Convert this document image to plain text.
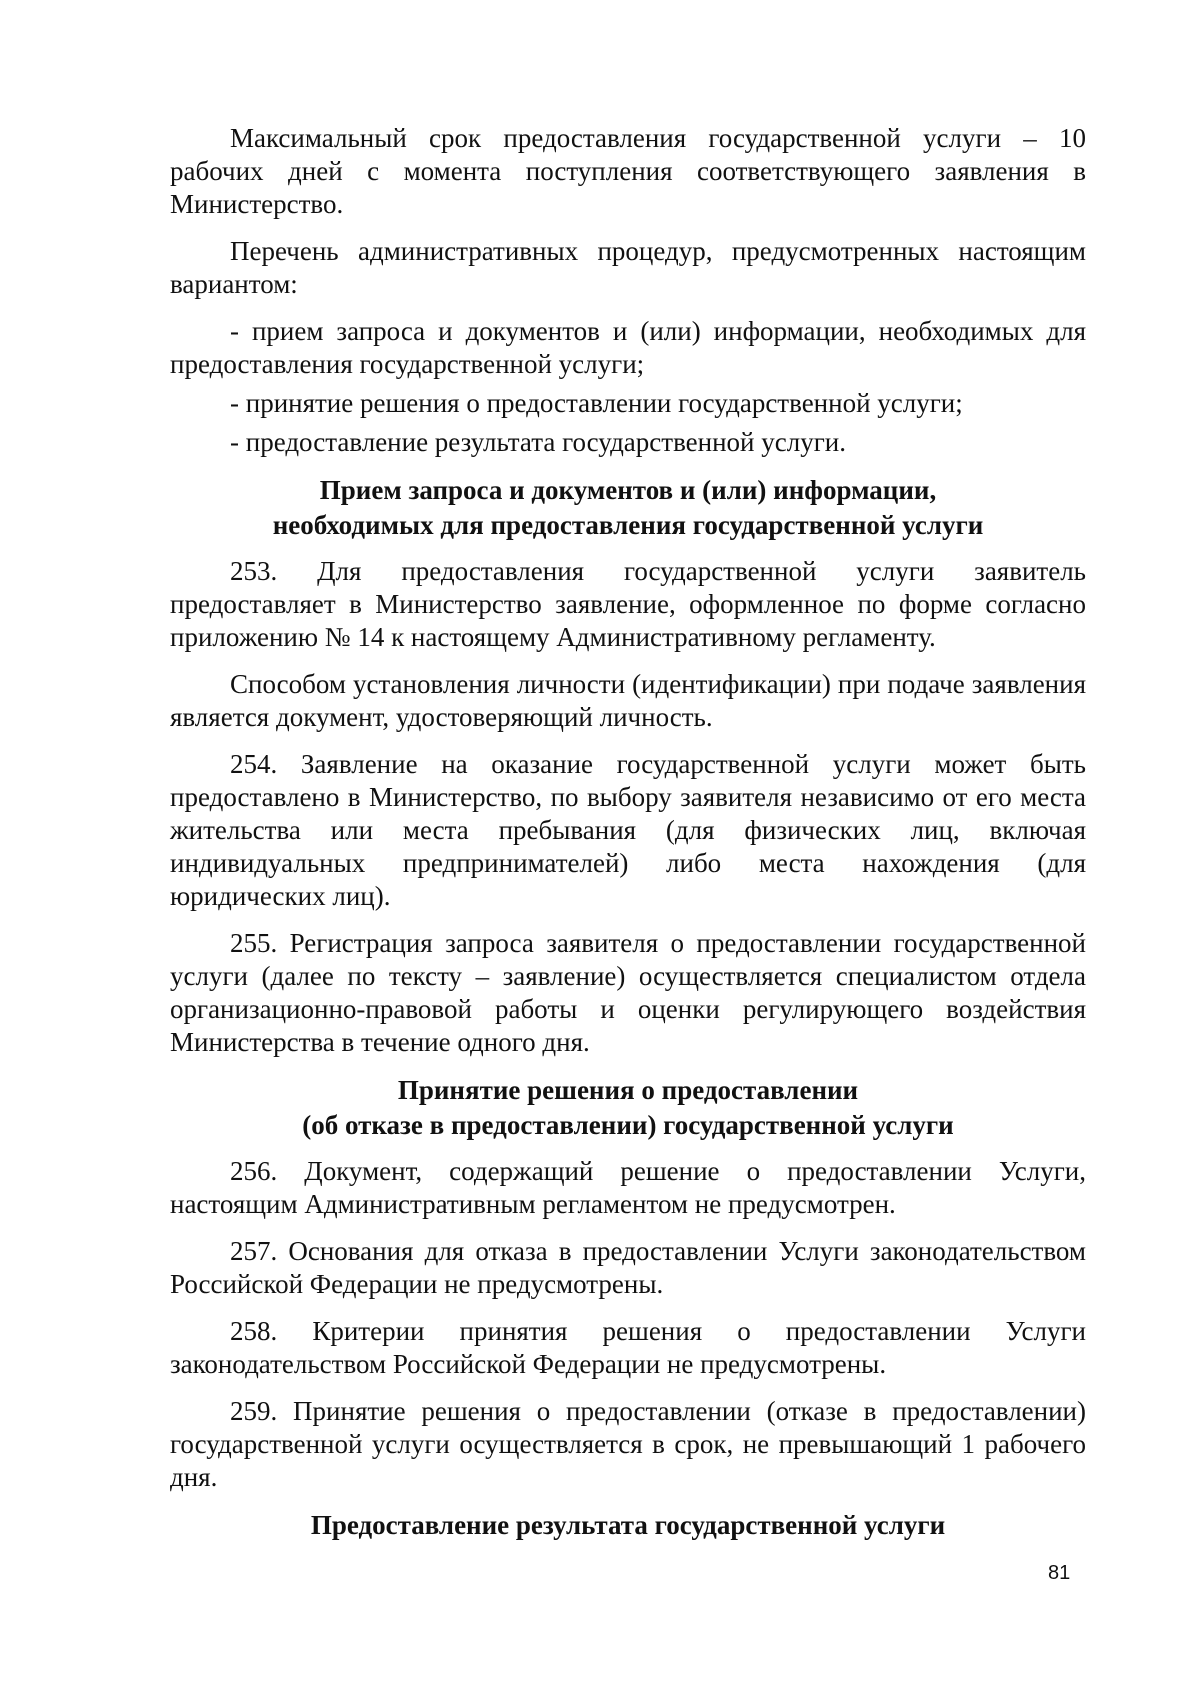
Максимальный срок предоставления государственной услуги – 10 рабочих дней с момента поступления соответствующего заявления в Министерство.

Перечень административных процедур, предусмотренных настоящим вариантом:

- прием запроса и документов и (или) информации, необходимых для предоставления государственной услуги;

- принятие решения о предоставлении государственной услуги;

- предоставление результата государственной услуги.

Прием запроса и документов и (или) информации,
необходимых для предоставления государственной услуги

253. Для предоставления государственной услуги заявитель предоставляет в Министерство заявление, оформленное по форме согласно приложению № 14 к настоящему Административному регламенту.

Способом установления личности (идентификации) при подаче заявления является документ, удостоверяющий личность.

254. Заявление на оказание государственной услуги может быть предоставлено в Министерство, по выбору заявителя независимо от его места жительства или места пребывания (для физических лиц, включая индивидуальных предпринимателей) либо места нахождения (для юридических лиц).

255. Регистрация запроса заявителя о предоставлении государственной услуги (далее по тексту – заявление) осуществляется специалистом отдела организационно-правовой работы и оценки регулирующего воздействия Министерства в течение одного дня.

Принятие решения о предоставлении
(об отказе в предоставлении) государственной услуги

256. Документ, содержащий решение о предоставлении Услуги, настоящим Административным регламентом не предусмотрен.

257. Основания для отказа в предоставлении Услуги законодательством Российской Федерации не предусмотрены.

258. Критерии принятия решения о предоставлении Услуги законодательством Российской Федерации не предусмотрены.

259. Принятие решения о предоставлении (отказе в предоставлении) государственной услуги осуществляется в срок, не превышающий 1 рабочего дня.

Предоставление результата государственной услуги
81
